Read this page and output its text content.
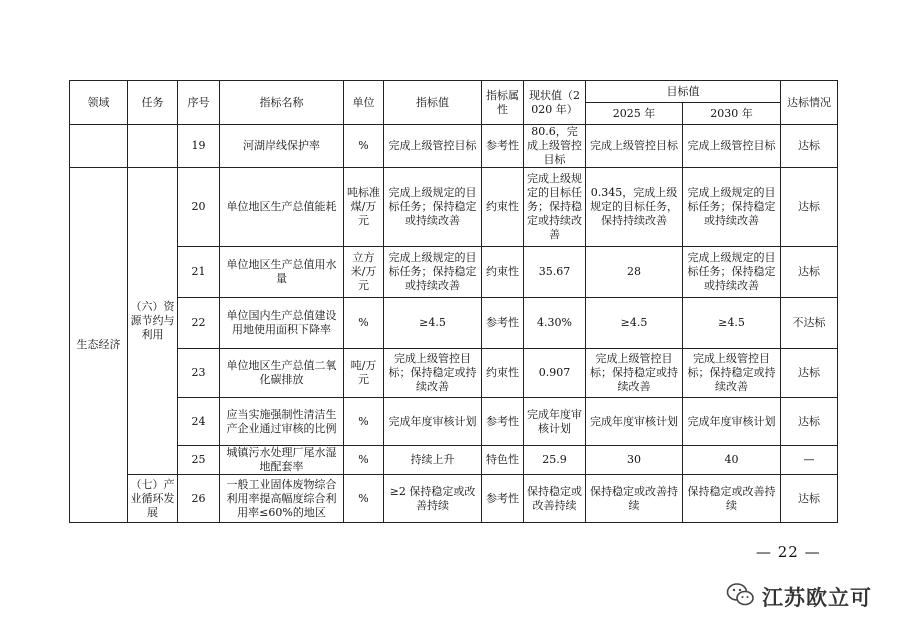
领域	任务	序号	指标名称	单位	指标值	指标属性	现状值（2020 年）	目标值		达标情况
								2025 年	2030 年	
		19	河湖岸线保护率	%	完成上级管控目标	参考性	80.6，完成上级管控目标	完成上级管控目标	完成上级管控目标	达标
生态经济	（六）资源节约与利用	20	单位地区生产总值能耗	吨标准煤/万元	完成上级规定的目标任务；保持稳定或持续改善	约束性	完成上级规定的目标任务；保持稳定或持续改善	0.345，完成上级规定的目标任务，保持持续改善	完成上级规定的目标任务；保持稳定或持续改善	达标
		21	单位地区生产总值用水量	立方米/万元	完成上级规定的目标任务；保持稳定或持续改善	约束性	35.67	28	完成上级规定的目标任务；保持稳定或持续改善	达标
		22	单位国内生产总值建设用地使用面积下降率	%	≥4.5	参考性	4.30%	≥4.5	≥4.5	不达标
		23	单位地区生产总值二氧化碳排放	吨/万元	完成上级管控目标；保持稳定或持续改善	约束性	0.907	完成上级管控目标；保持稳定或持续改善	完成上级管控目标；保持稳定或持续改善	达标
		24	应当实施强制性清洁生产企业通过审核的比例	%	完成年度审核计划	参考性	完成年度审核计划	完成年度审核计划	完成年度审核计划	达标
		25	城镇污水处理厂尾水湿地配套率	%	持续上升	特色性	25.9	30	40	—
	（七）产业循环发展	26	一般工业固体废物综合利用率提高幅度综合利用率≤60%的地区	%	≥2 保持稳定或改善持续	参考性	保持稳定或改善持续	保持稳定或改善持续	保持稳定或改善持续	达标
— 22 —
江苏欧立可
